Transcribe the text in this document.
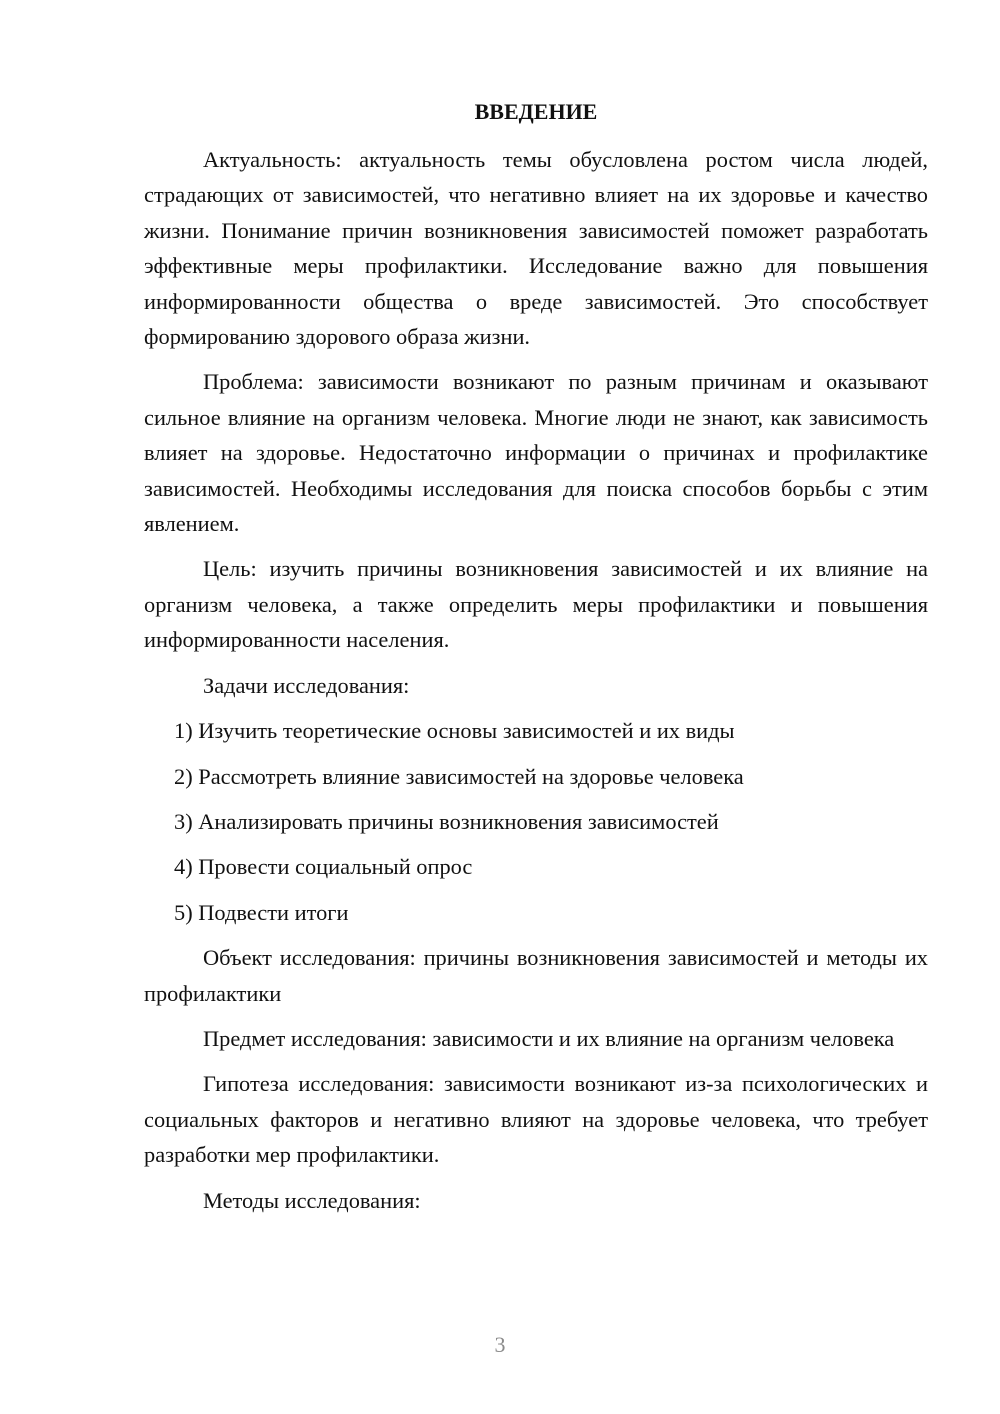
ВВЕДЕНИЕ

Актуальность: актуальность темы обусловлена ростом числа людей, страдающих от зависимостей, что негативно влияет на их здоровье и качество жизни. Понимание причин возникновения зависимостей поможет разработать эффективные меры профилактики. Исследование важно для повышения информированности общества о вреде зависимостей. Это способствует формированию здорового образа жизни.

Проблема: зависимости возникают по разным причинам и оказывают сильное влияние на организм человека. Многие люди не знают, как зависимость влияет на здоровье. Недостаточно информации о причинах и профилактике зависимостей. Необходимы исследования для поиска способов борьбы с этим явлением.

Цель: изучить причины возникновения зависимостей и их влияние на организм человека, а также определить меры профилактики и повышения информированности населения.

Задачи исследования:

1) Изучить теоретические основы зависимостей и их виды
2) Рассмотреть влияние зависимостей на здоровье человека
3) Анализировать причины возникновения зависимостей
4) Провести социальный опрос
5) Подвести итоги

Объект исследования: причины возникновения зависимостей и методы их профилактики

Предмет исследования: зависимости и их влияние на организм человека

Гипотеза исследования: зависимости возникают из-за психологических и социальных факторов и негативно влияют на здоровье человека, что требует разработки мер профилактики.

Методы исследования:

3
